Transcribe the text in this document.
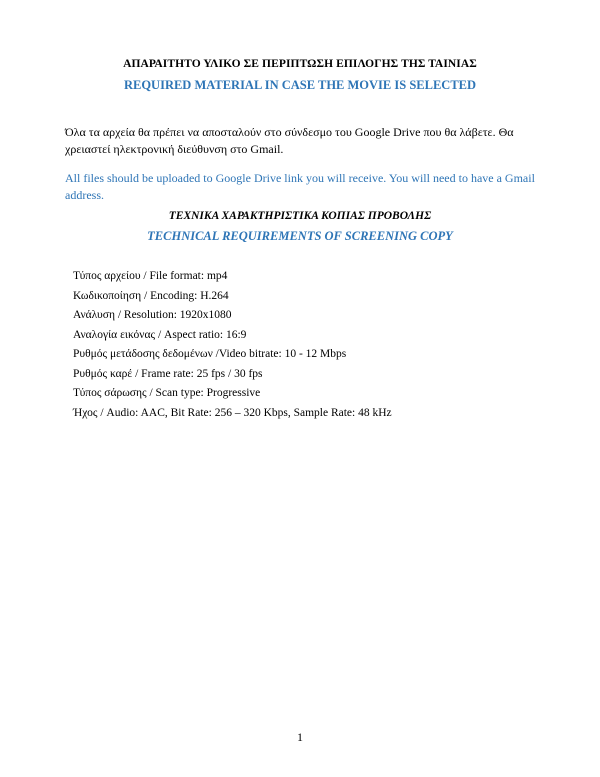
ΑΠΑΡΑΙΤΗΤΟ ΥΛΙΚΟ ΣΕ ΠΕΡΙΠΤΩΣΗ ΕΠΙΛΟΓΗΣ ΤΗΣ ΤΑΙΝΙΑΣ
REQUIRED MATERIAL IN CASE THE MOVIE IS SELECTED
Όλα τα αρχεία θα πρέπει να αποσταλούν στο σύνδεσμο του Google Drive που θα λάβετε. Θα χρειαστεί ηλεκτρονική διεύθυνση στο Gmail.
All files should be uploaded to Google Drive link you will receive. You will need to have a Gmail address.
ΤΕΧΝΙΚΑ ΧΑΡΑΚΤΗΡΙΣΤΙΚΑ ΚΟΠΙΑΣ ΠΡΟΒΟΛΗΣ
TECHNICAL REQUIREMENTS OF SCREENING COPY
Τύπος αρχείου / File format: mp4
Κωδικοποίηση / Encoding: H.264
Ανάλυση / Resolution: 1920x1080
Αναλογία εικόνας / Aspect ratio: 16:9
Ρυθμός μετάδοσης δεδομένων /Video bitrate: 10 - 12 Mbps
Ρυθμός καρέ / Frame rate: 25 fps / 30 fps
Τύπος σάρωσης / Scan type: Progressive
Ήχος / Audio: AAC, Bit Rate: 256 – 320 Kbps, Sample Rate: 48 kHz
1
